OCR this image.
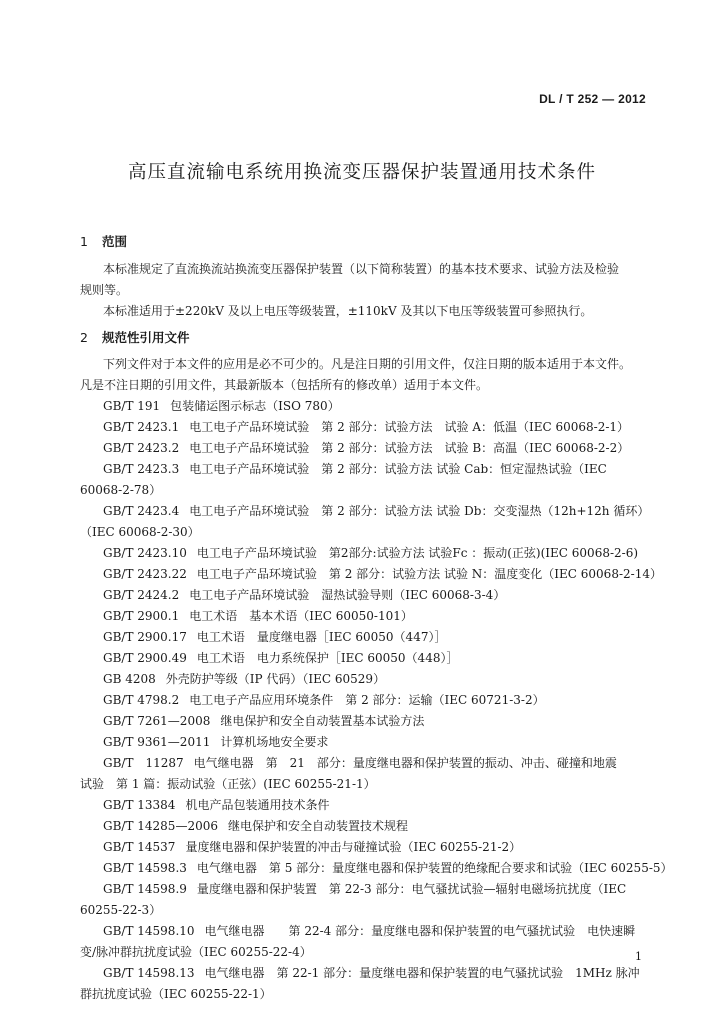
DL / T 252 — 2012
高压直流输电系统用换流变压器保护装置通用技术条件
1 范围
本标准规定了直流换流站换流变压器保护装置（以下简称装置）的基本技术要求、试验方法及检验
规则等。
本标准适用于±220kV 及以上电压等级装置，±110kV 及其以下电压等级装置可参照执行。
2 规范性引用文件
下列文件对于本文件的应用是必不可少的。凡是注日期的引用文件，仅注日期的版本适用于本文件。
凡是不注日期的引用文件，其最新版本（包括所有的修改单）适用于本文件。
GB/T 191 包装储运图示标志（ISO 780）
GB/T 2423.1 电工电子产品环境试验　第 2 部分：试验方法　试验 A：低温（IEC 60068-2-1）
GB/T 2423.2 电工电子产品环境试验　第 2 部分：试验方法　试验 B：高温（IEC 60068-2-2）
GB/T 2423.3 电工电子产品环境试验　第 2 部分：试验方法 试验 Cab：恒定湿热试验（IEC
60068-2-78）
GB/T 2423.4 电工电子产品环境试验　第 2 部分：试验方法 试验 Db：交变湿热（12h+12h 循环）
（IEC 60068-2-30）
GB/T 2423.10 电工电子产品环境试验　第2部分:试验方法 试验Fc ：振动(正弦)(IEC 60068-2-6)
GB/T 2423.22 电工电子产品环境试验　第 2 部分：试验方法 试验 N：温度变化（IEC 60068-2-14）
GB/T 2424.2 电工电子产品环境试验　湿热试验导则（IEC 60068-3-4）
GB/T 2900.1 电工术语　基本术语（IEC 60050-101）
GB/T 2900.17 电工术语　量度继电器［IEC 60050（447）］
GB/T 2900.49 电工术语　电力系统保护［IEC 60050（448）］
GB 4208 外壳防护等级（IP 代码）（IEC 60529）
GB/T 4798.2 电工电子产品应用环境条件　第 2 部分：运输（IEC 60721-3-2）
GB/T 7261—2008 继电保护和安全自动装置基本试验方法
GB/T 9361—2011 计算机场地安全要求
GB/T　11287 电气继电器　第　21　部分：量度继电器和保护装置的振动、冲击、碰撞和地震
试验　第 1 篇：振动试验（正弦）(IEC 60255-21-1）
GB/T 13384 机电产品包装通用技术条件
GB/T 14285—2006 继电保护和安全自动装置技术规程
GB/T 14537 量度继电器和保护装置的冲击与碰撞试验（IEC 60255-21-2）
GB/T 14598.3 电气继电器　第 5 部分：量度继电器和保护装置的绝缘配合要求和试验（IEC 60255-5）
GB/T 14598.9 量度继电器和保护装置　第 22-3 部分：电气骚扰试验—辐射电磁场抗扰度（IEC
60255-22-3）
GB/T 14598.10 电气继电器　　第 22-4 部分：量度继电器和保护装置的电气骚扰试验　电快速瞬
变/脉冲群抗扰度试验（IEC 60255-22-4）
GB/T 14598.13 电气继电器　第 22-1 部分：量度继电器和保护装置的电气骚扰试验　1MHz 脉冲
群抗扰度试验（IEC 60255-22-1）
1
